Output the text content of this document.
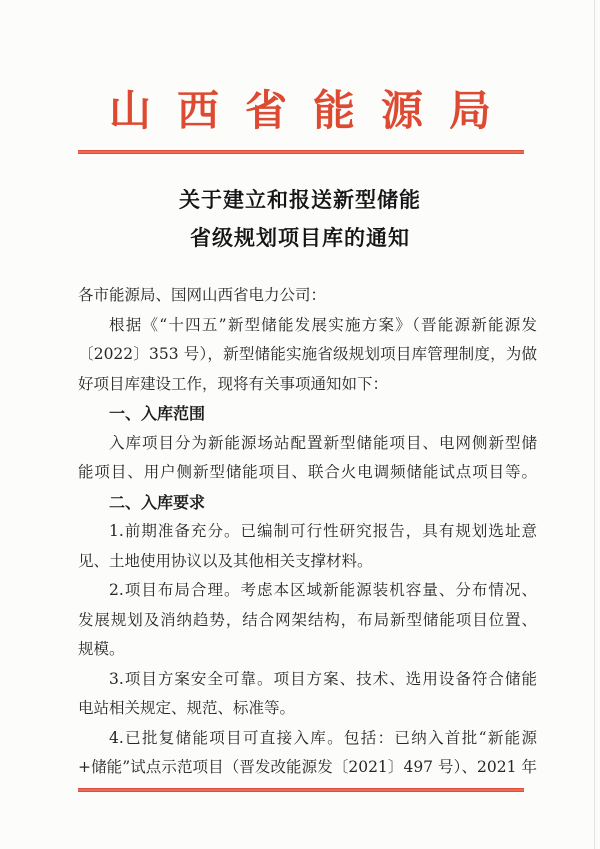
山西省能源局
关于建立和报送新型储能
省级规划项目库的通知
各市能源局、国网山西省电力公司：
根据《“十四五”新型储能发展实施方案》（晋能源新能源发
〔2022〕353 号），新型储能实施省级规划项目库管理制度，为做
好项目库建设工作，现将有关事项通知如下：
一、入库范围
入库项目分为新能源场站配置新型储能项目、电网侧新型储
能项目、用户侧新型储能项目、联合火电调频储能试点项目等。
二、入库要求
1.前期准备充分。已编制可行性研究报告，具有规划选址意
见、土地使用协议以及其他相关支撑材料。
2.项目布局合理。考虑本区域新能源装机容量、分布情况、
发展规划及消纳趋势，结合网架结构，布局新型储能项目位置、
规模。
3.项目方案安全可靠。项目方案、技术、选用设备符合储能
电站相关规定、规范、标准等。
4.已批复储能项目可直接入库。包括：已纳入首批“新能源
+储能”试点示范项目（晋发改能源发〔2021〕497 号）、2021 年
